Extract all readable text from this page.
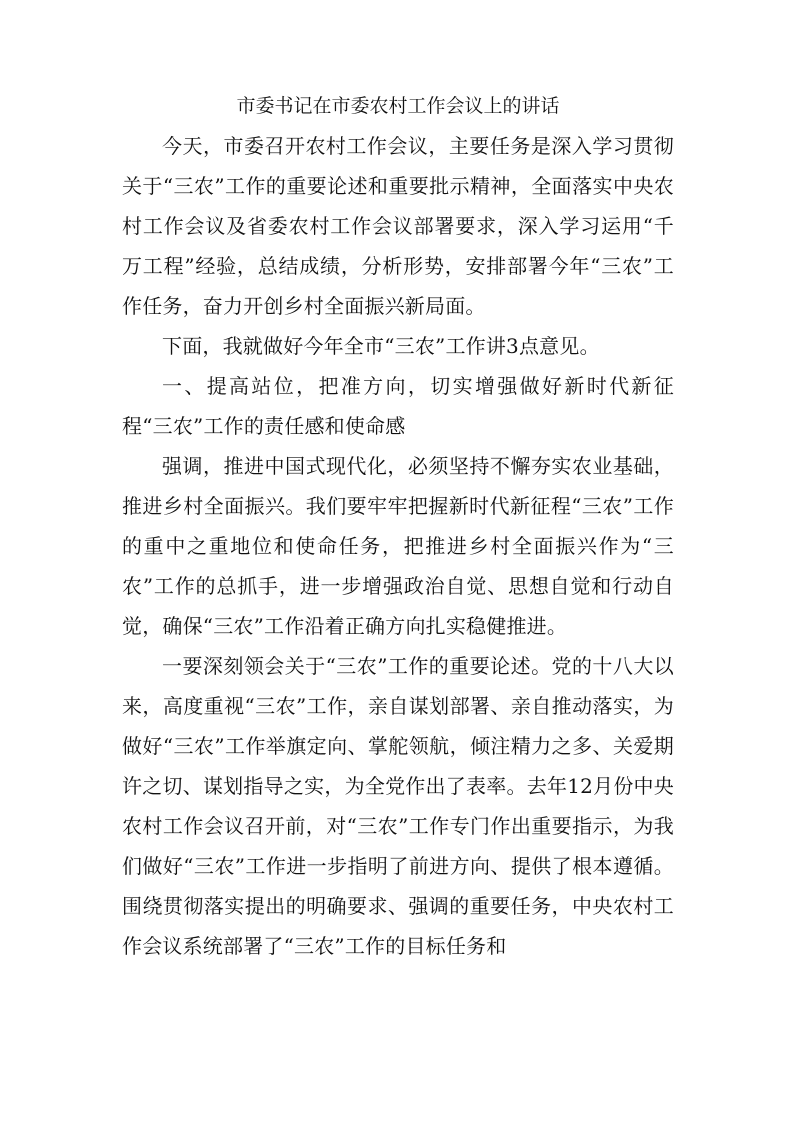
市委书记在市委农村工作会议上的讲话

今天，市委召开农村工作会议，主要任务是深入学习贯彻关于“三农”工作的重要论述和重要批示精神，全面落实中央农村工作会议及省委农村工作会议部署要求，深入学习运用“千万工程”经验，总结成绩，分析形势，安排部署今年“三农”工作任务，奋力开创乡村全面振兴新局面。

下面，我就做好今年全市“三农”工作讲3点意见。

一、提高站位，把准方向，切实增强做好新时代新征程“三农”工作的责任感和使命感

强调，推进中国式现代化，必须坚持不懈夯实农业基础，推进乡村全面振兴。我们要牢牢把握新时代新征程“三农”工作的重中之重地位和使命任务，把推进乡村全面振兴作为“三农”工作的总抓手，进一步增强政治自觉、思想自觉和行动自觉，确保“三农”工作沿着正确方向扎实稳健推进。

一要深刻领会关于“三农”工作的重要论述。党的十八大以来，高度重视“三农”工作，亲自谋划部署、亲自推动落实，为做好“三农”工作举旗定向、掌舵领航，倾注精力之多、关爱期许之切、谋划指导之实，为全党作出了表率。去年12月份中央农村工作会议召开前，对“三农”工作专门作出重要指示，为我们做好“三农”工作进一步指明了前进方向、提供了根本遵循。围绕贯彻落实提出的明确要求、强调的重要任务，中央农村工作会议系统部署了“三农”工作的目标任务和
